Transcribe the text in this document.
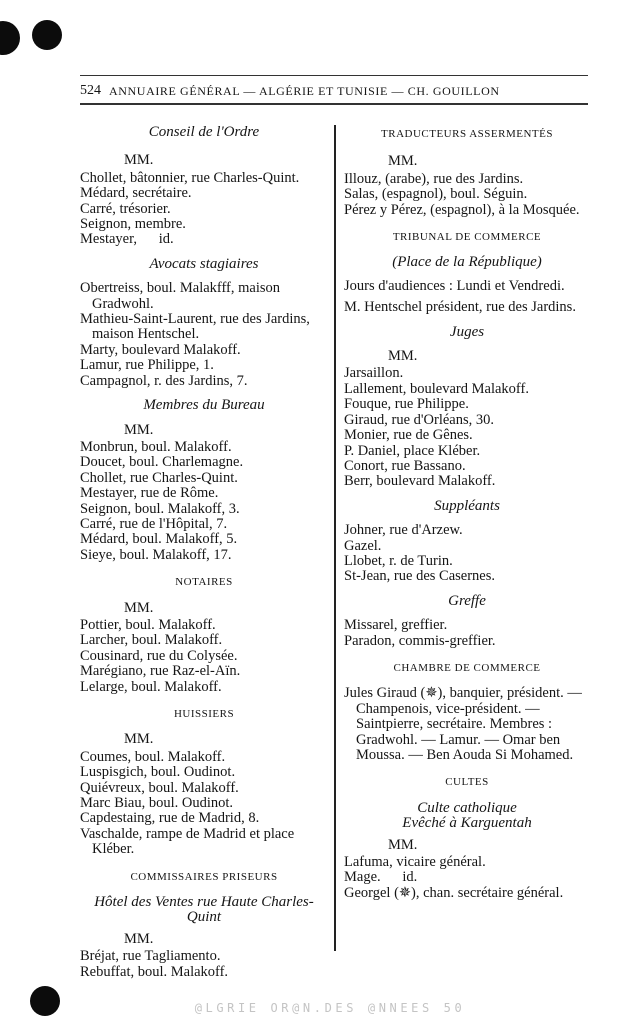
524 ANNUAIRE GÉNÉRAL — ALGÉRIE ET TUNISIE — CH. GOUILLON
Conseil de l'Ordre
MM.
Chollet, bâtonnier, rue Charles-Quint.
Médard, secrétaire.
Carré, trésorier.
Seignon, membre.
Mestayer,      id.
Avocats stagiaires
Obertreiss, boul. Malakfff, maison Gradwohl.
Mathieu-Saint-Laurent, rue des Jardins, maison Hentschel.
Marty, boulevard Malakoff.
Lamur, rue Philippe, 1.
Campagnol, r. des Jardins, 7.
Membres du Bureau
MM.
Monbrun, boul. Malakoff.
Doucet, boul. Charlemagne.
Chollet, rue Charles-Quint.
Mestayer, rue de Rôme.
Seignon, boul. Malakoff, 3.
Carré, rue de l'Hôpital, 7.
Médard, boul. Malakoff, 5.
Sieye, boul. Malakoff, 17.
NOTAIRES
MM.
Pottier, boul. Malakoff.
Larcher, boul. Malakoff.
Cousinard, rue du Colysée.
Marégiano, rue Raz-el-Aïn.
Lelarge, boul. Malakoff.
HUISSIERS
MM.
Coumes, boul. Malakoff.
Luspisgich, boul. Oudinot.
Quiévreux, boul. Malakoff.
Marc Biau, boul. Oudinot.
Capdestaing, rue de Madrid, 8.
Vaschalde, rampe de Madrid et place Kléber.
COMMISSAIRES PRISEURS
Hôtel des Ventes rue Haute Charles-Quint
MM.
Bréjat, rue Tagliamento.
Rebuffat, boul. Malakoff.
TRADUCTEURS ASSERMENTÉS
MM.
Illouz, (arabe), rue des Jardins.
Salas, (espagnol), boul. Séguin.
Pérez y Pérez, (espagnol), à la Mosquée.
TRIBUNAL DE COMMERCE
(Place de la République)
Jours d'audiences : Lundi et Vendredi.
M. Hentschel président, rue des Jardins.
Juges
MM.
Jarsaillon.
Lallement, boulevard Malakoff.
Fouque, rue Philippe.
Giraud, rue d'Orléans, 30.
Monier, rue de Gênes.
P. Daniel, place Kléber.
Conort, rue Bassano.
Berr, boulevard Malakoff.
Suppléants
Johner, rue d'Arzew.
Gazel.
Llobet, r. de Turin.
St-Jean, rue des Casernes.
Greffe
Missarel, greffier.
Paradon, commis-greffier.
CHAMBRE DE COMMERCE
Jules Giraud (✵), banquier, président. — Champenois, vice-président. — Saintpierre, secrétaire. Membres : Gradwohl. — Lamur. — Omar ben Moussa. — Ben Aouda Si Mohamed.
CULTES
Culte catholique
Evêché à Karguentah
MM.
Lafuma, vicaire général.
Mage.      id.
Georgel (✵), chan. secrétaire général.
@LGRIE OR@N.DES @NNEES 50
